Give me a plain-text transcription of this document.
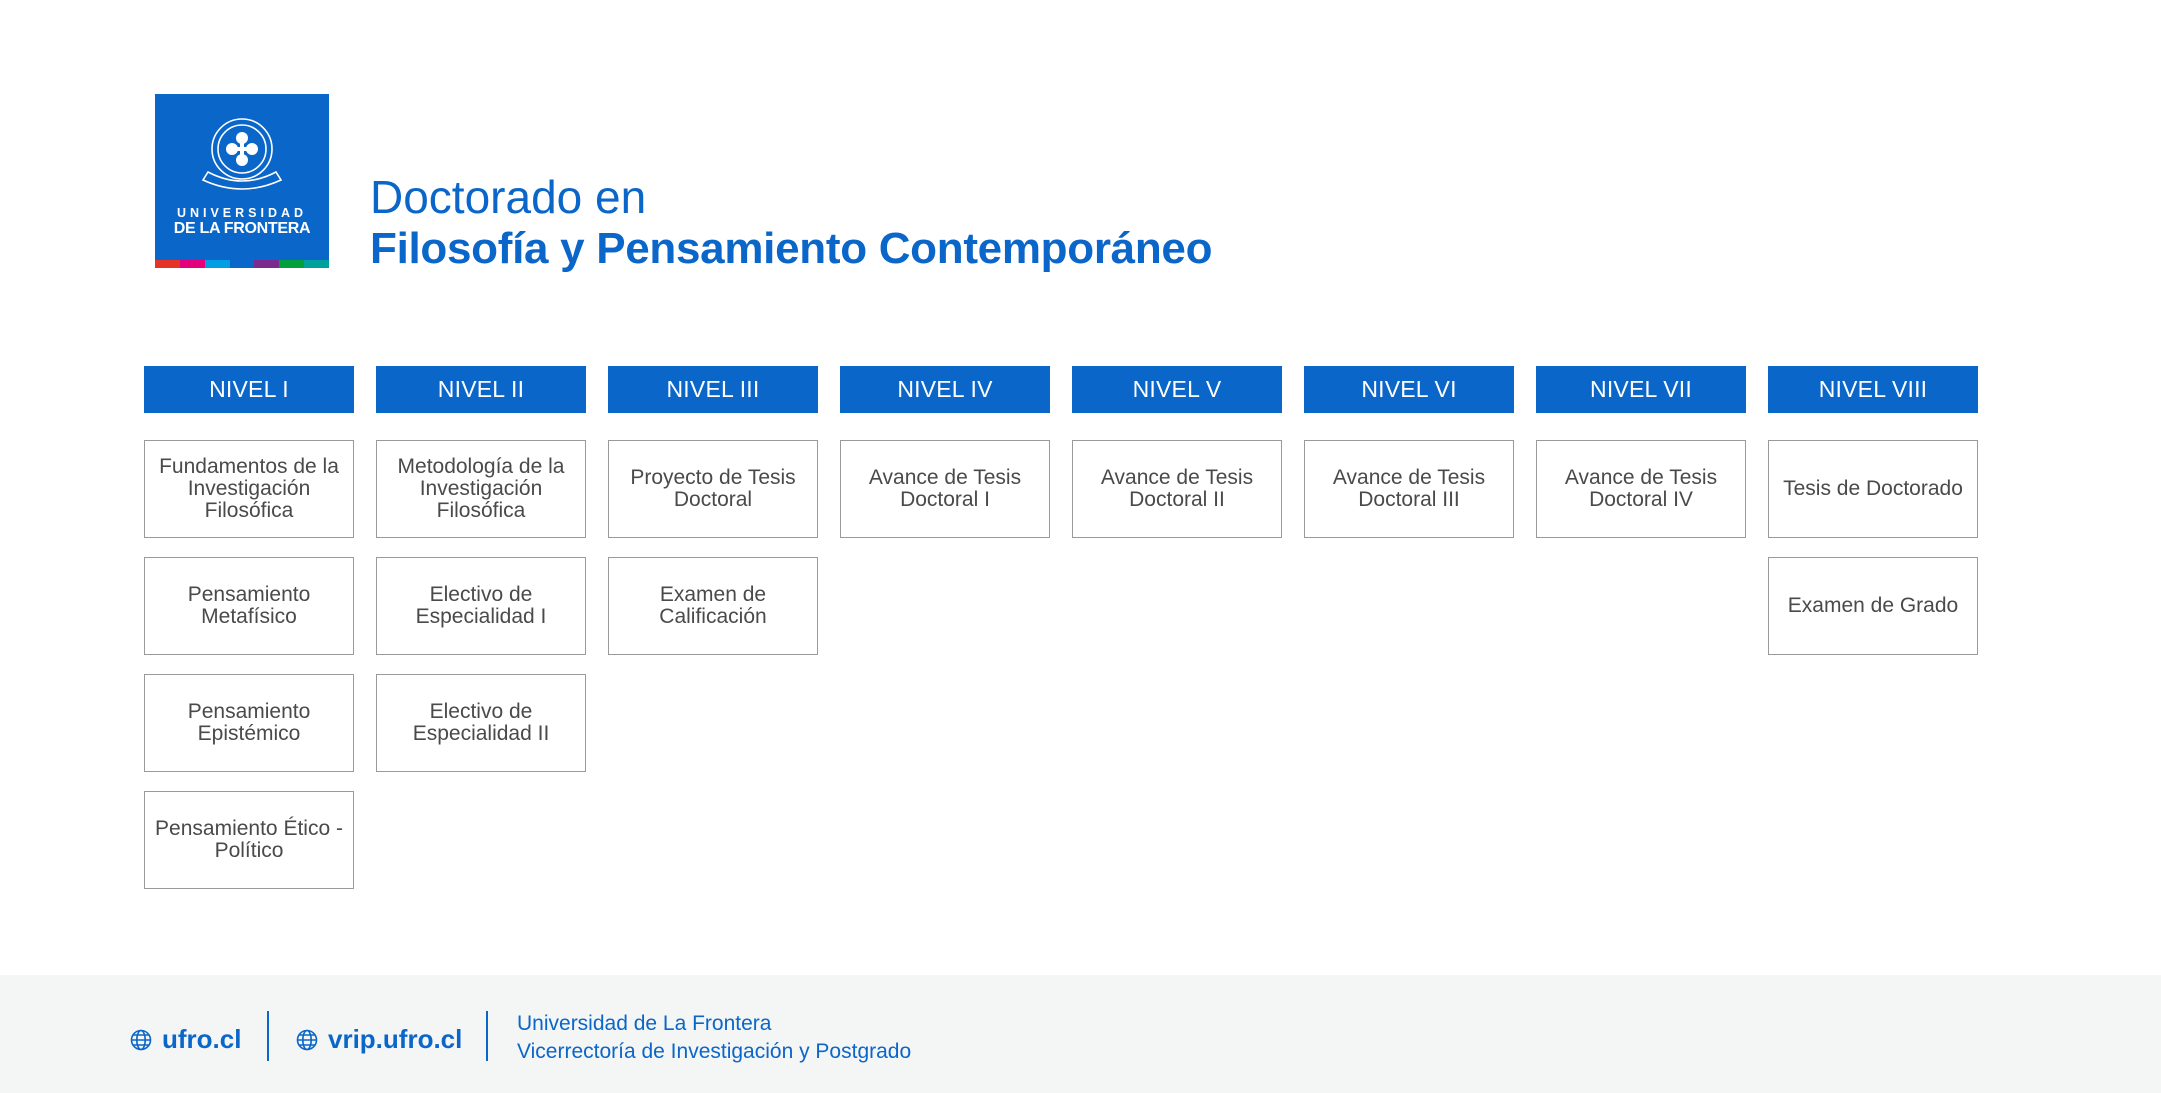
UNIVERSIDAD
DE LA FRONTERA
Doctorado en
Filosofía y Pensamiento Contemporáneo
NIVEL I
Fundamentos de la Investigación Filosófica
Pensamiento Metafísico
Pensamiento Epistémico
Pensamiento Ético - Político
NIVEL II
Metodología de la Investigación Filosófica
Electivo de Especialidad I
Electivo de Especialidad II
NIVEL III
Proyecto de Tesis Doctoral
Examen de Calificación
NIVEL IV
Avance de Tesis Doctoral I
NIVEL V
Avance de Tesis Doctoral II
NIVEL VI
Avance de Tesis Doctoral III
NIVEL VII
Avance de Tesis Doctoral IV
NIVEL VIII
Tesis de Doctorado
Examen de Grado
ufro.cl	vrip.ufro.cl
Universidad de La Frontera
Vicerrectoría de Investigación y Postgrado
